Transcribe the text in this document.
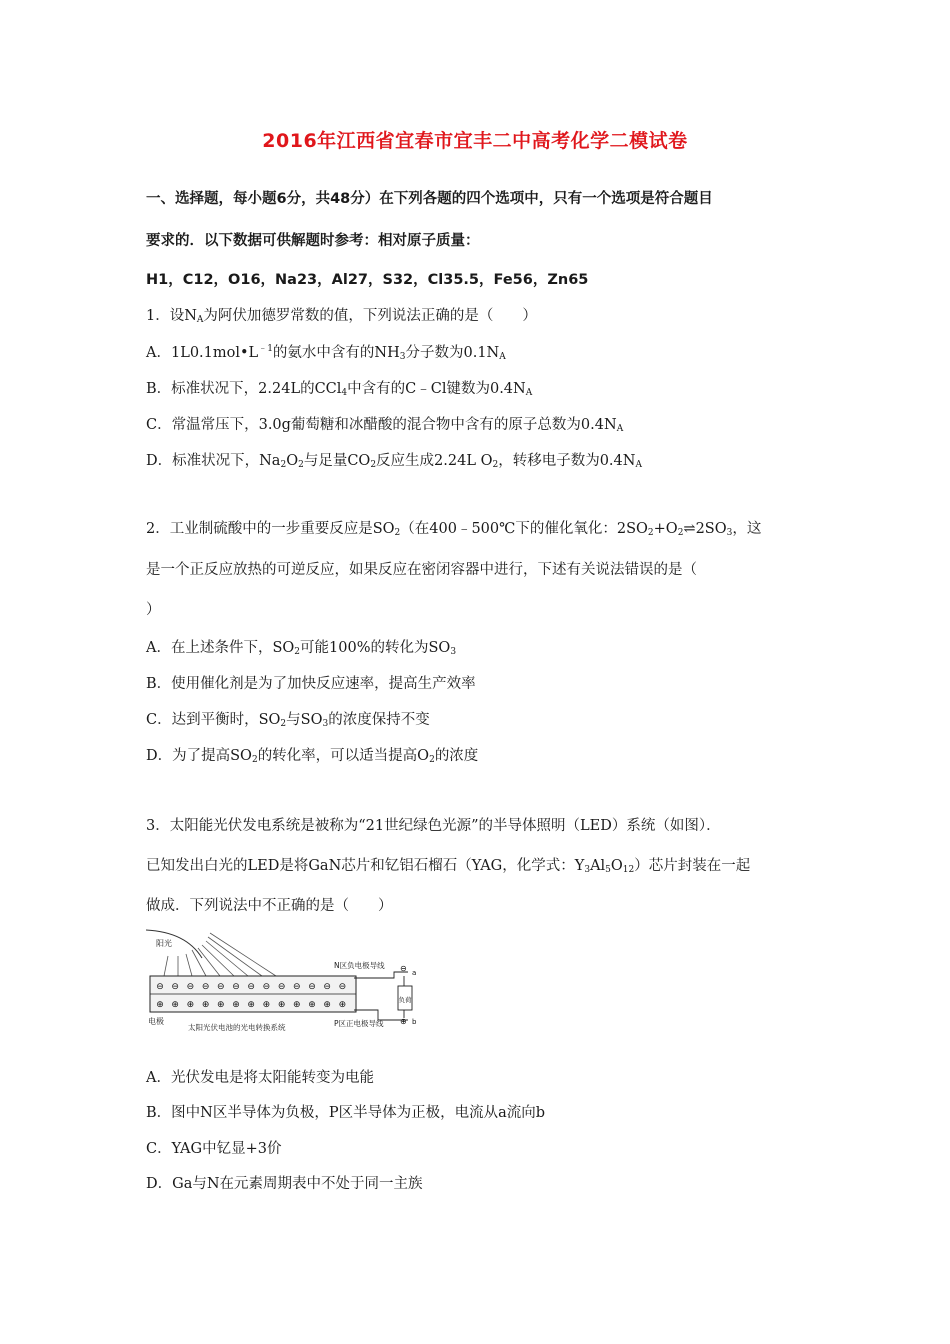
2016年江西省宜春市宜丰二中高考化学二模试卷
一、选择题，每小题6分，共48分）在下列各题的四个选项中，只有一个选项是符合题目
要求的．以下数据可供解题时参考：相对原子质量：
H1，C12，O16，Na23，Al27，S32，Cl35.5，Fe56，Zn65
1．设$N_A$为阿伏加德罗常数的值，下列说法正确的是（　　）
A．$1L0.1mol•L^{﹣1}$的氨水中含有的$NH_3$分子数为$0.1N_A$
B．标准状况下，2.24L的CCl$_4$中含有的C﹣Cl键数为$0.4N_A$
C．常温常压下，3.0g葡萄糖和冰醋酸的混合物中含有的原子总数为$0.4N_A$
D．标准状况下，$Na_2O_2$与足量$CO_2$反应生成2.24L $O_2$，转移电子数为$0.4N_A$
2．工业制硫酸中的一步重要反应是$SO_2$（在400﹣500℃下的催化氧化：$2SO_2+O_2\rightleftharpoons 2SO_3$，这
是一个正反应放热的可逆反应，如果反应在密闭容器中进行，下述有关说法错误的是（
）
A．在上述条件下，$SO_2$可能100%的转化为$SO_3$
B．使用催化剂是为了加快反应速率，提高生产效率
C．达到平衡时，$SO_2$与$SO_3$的浓度保持不变
D．为了提高$SO_2$的转化率，可以适当提高$O_2$的浓度
3．太阳能光伏发电系统是被称为“21世纪绿色光源”的半导体照明（LED）系统（如图）．
已知发出白光的LED是将GaN芯片和钇铝石榴石（YAG，化学式：$Y_3Al_5O_{12}$）芯片封装在一起
做成．下列说法中不正确的是（　　）
阳光
⊖ ⊖ ⊖ ⊖ ⊖ ⊖ ⊖ ⊖ ⊖ ⊖ ⊖ ⊖ ⊖
⊕ ⊕ ⊕ ⊕ ⊕ ⊕ ⊕ ⊕ ⊕ ⊕ ⊕ ⊕ ⊕
N区负电极导线 ⊖ a
负荷
⊕ b
P区正电极导线
电极
太阳光伏电池的光电转换系统
A．光伏发电是将太阳能转变为电能
B．图中N区半导体为负极，P区半导体为正极，电流从a流向b
C．YAG中钇显+3价
D．Ga与N在元素周期表中不处于同一主族
